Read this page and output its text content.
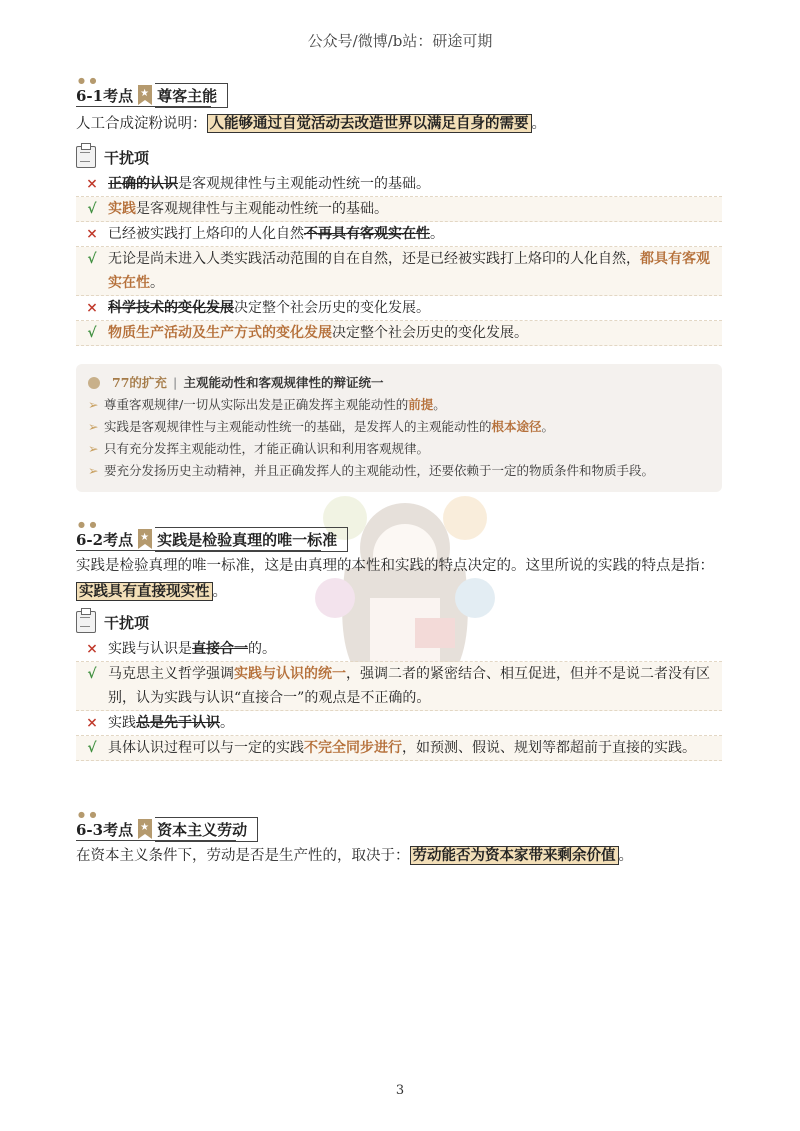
公众号/微博/b站：研途可期
● ●
6-1考点 ★ 尊客主能
人工合成淀粉说明： 人能够通过自觉活动去改造世界以满足自身的需要 。
干扰项
× 正确的认识是客观规律性与主观能动性统一的基础。
√ 实践是客观规律性与主观能动性统一的基础。
× 已经被实践打上烙印的人化自然不再具有客观实在性。
√ 无论是尚未进入人类实践活动范围的自在自然，还是已经被实践打上烙印的人化自然，都具有客观实在性。
× 科学技术的变化发展决定整个社会历史的变化发展。
√ 物质生产活动及生产方式的变化发展决定整个社会历史的变化发展。
77的扩充 | 主观能动性和客观规律性的辩证统一
➢ 尊重客观规律/一切从实际出发是正确发挥主观能动性的前提。
➢ 实践是客观规律性与主观能动性统一的基础，是发挥人的主观能动性的根本途径。
➢ 只有充分发挥主观能动性，才能正确认识和利用客观规律。
➢ 要充分发扬历史主动精神，并且正确发挥人的主观能动性，还要依赖于一定的物质条件和物质手段。
● ●
6-2考点 ★ 实践是检验真理的唯一标准
实践是检验真理的唯一标准，这是由真理的本性和实践的特点决定的。这里所说的实践的特点是指：实践具有直接现实性 。
干扰项
× 实践与认识是直接合一的。
√ 马克思主义哲学强调实践与认识的统一，强调二者的紧密结合、相互促进，但并不是说二者没有区别，认为实践与认识“直接合一”的观点是不正确的。
× 实践总是先于认识。
√ 具体认识过程可以与一定的实践不完全同步进行，如预测、假说、规划等都超前于直接的实践。
● ●
6-3考点 ★ 资本主义劳动
在资本主义条件下，劳动是否是生产性的，取决于： 劳动能否为资本家带来剩余价值 。
3
